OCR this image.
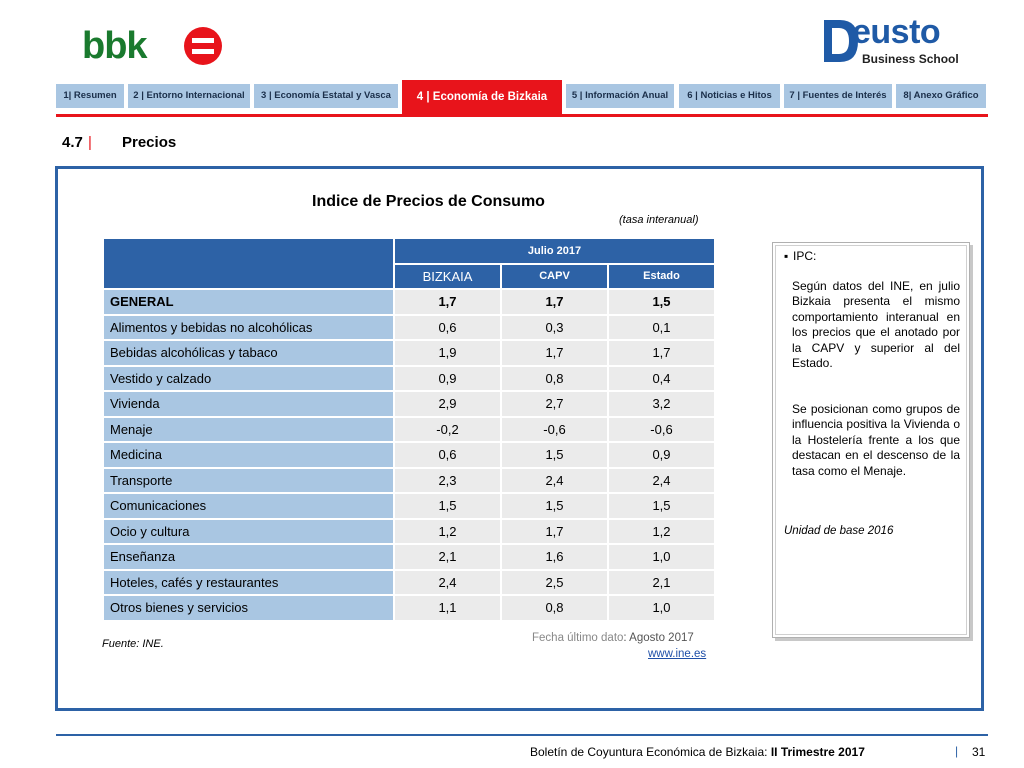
bbk	eusto
Business School
1| Resumen	2 | Entorno Internacional	3 | Economía Estatal y Vasca	4 | Economía de Bizkaia	5 | Información Anual	6 | Noticias e Hitos	7 | Fuentes de Interés	8| Anexo Gráfico
4.7 | Precios
Indice de Precios de Consumo
(tasa interanual)
	Julio 2017		
	BIZKAIA	CAPV	Estado
GENERAL	1,7	1,7	1,5
Alimentos y bebidas no alcohólicas	0,6	0,3	0,1
Bebidas alcohólicas y tabaco	1,9	1,7	1,7
Vestido y calzado	0,9	0,8	0,4
Vivienda	2,9	2,7	3,2
Menaje	-0,2	-0,6	-0,6
Medicina	0,6	1,5	0,9
Transporte	2,3	2,4	2,4
Comunicaciones	1,5	1,5	1,5
Ocio y cultura	1,2	1,7	1,2
Enseñanza	2,1	1,6	1,0
Hoteles, cafés y restaurantes	2,4	2,5	2,1
Otros bienes y servicios	1,1	0,8	1,0
Fuente: INE.	Fecha último dato: Agosto 2017
www.ine.es
▪ IPC:
Según datos del INE, en julio Bizkaia presenta el mismo comportamiento interanual en los precios que el anotado por la CAPV y superior al del Estado.
Se posicionan como grupos de influencia positiva la Vivienda o la Hostelería frente a los que destacan en el descenso de la tasa como el Menaje.
Unidad de base 2016
Boletín de Coyuntura Económica de Bizkaia: II Trimestre 2017	| 31
